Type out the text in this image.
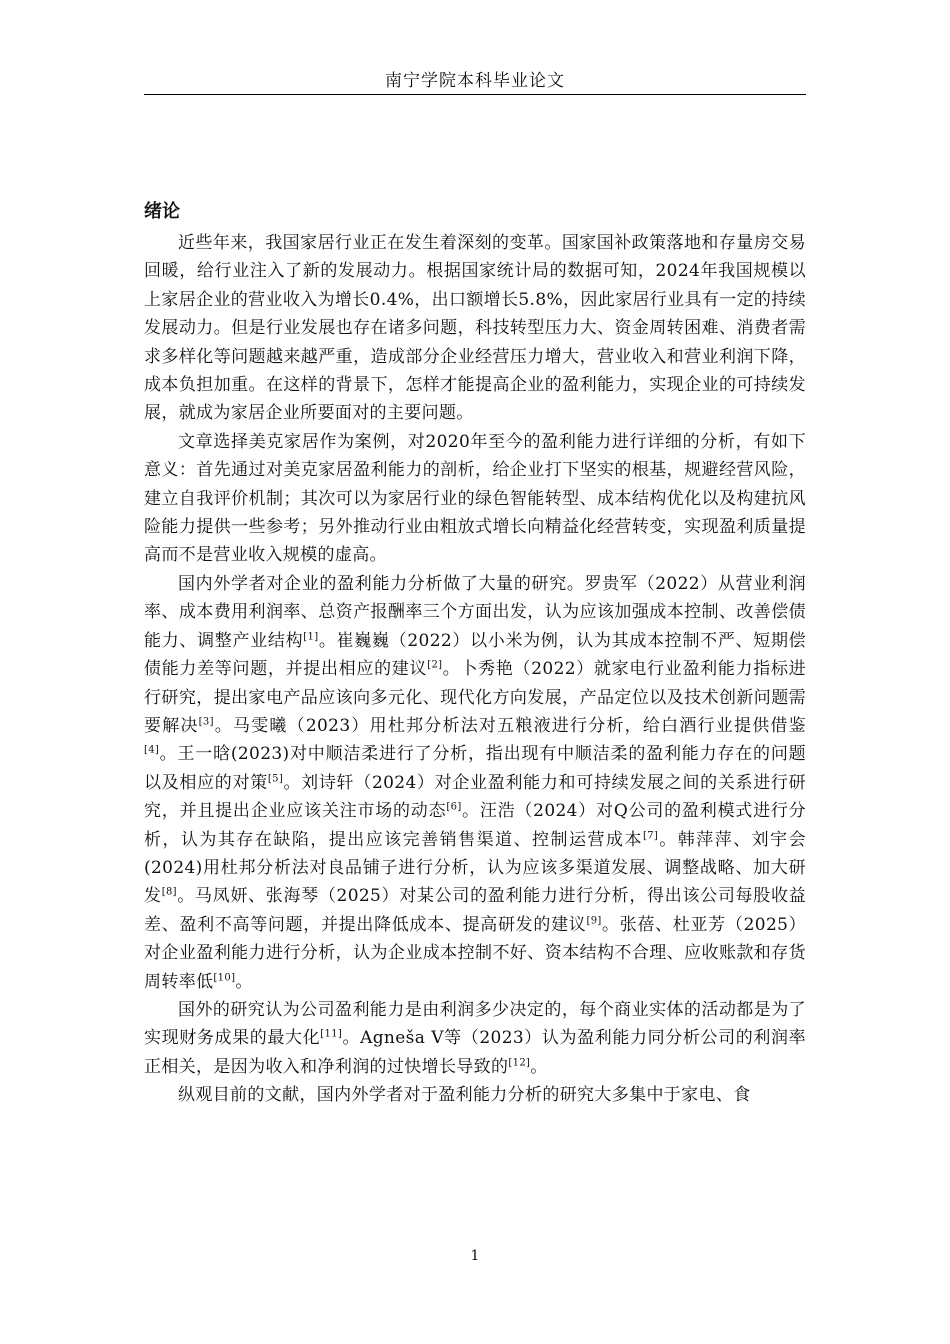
南宁学院本科毕业论文
绪论

近些年来，我国家居行业正在发生着深刻的变革。国家国补政策落地和存量房交易回暖，给行业注入了新的发展动力。根据国家统计局的数据可知，2024年我国规模以上家居企业的营业收入为增长0.4%，出口额增长5.8%，因此家居行业具有一定的持续发展动力。但是行业发展也存在诸多问题，科技转型压力大、资金周转困难、消费者需求多样化等问题越来越严重，造成部分企业经营压力增大，营业收入和营业利润下降，成本负担加重。在这样的背景下，怎样才能提高企业的盈利能力，实现企业的可持续发展，就成为家居企业所要面对的主要问题。

文章选择美克家居作为案例，对2020年至今的盈利能力进行详细的分析，有如下意义：首先通过对美克家居盈利能力的剖析，给企业打下坚实的根基，规避经营风险，建立自我评价机制；其次可以为家居行业的绿色智能转型、成本结构优化以及构建抗风险能力提供一些参考；另外推动行业由粗放式增长向精益化经营转变，实现盈利质量提高而不是营业收入规模的虚高。

国内外学者对企业的盈利能力分析做了大量的研究。罗贵军（2022）从营业利润率、成本费用利润率、总资产报酬率三个方面出发，认为应该加强成本控制、改善偿债能力、调整产业结构[1]。崔巍巍（2022）以小米为例，认为其成本控制不严、短期偿债能力差等问题，并提出相应的建议[2]。卜秀艳（2022）就家电行业盈利能力指标进行研究，提出家电产品应该向多元化、现代化方向发展，产品定位以及技术创新问题需要解决[3]。马雯曦（2023）用杜邦分析法对五粮液进行分析，给白酒行业提供借鉴[4]。王一晗(2023)对中顺洁柔进行了分析，指出现有中顺洁柔的盈利能力存在的问题以及相应的对策[5]。刘诗轩（2024）对企业盈利能力和可持续发展之间的关系进行研究，并且提出企业应该关注市场的动态[6]。汪浩（2024）对Q公司的盈利模式进行分析，认为其存在缺陷，提出应该完善销售渠道、控制运营成本[7]。韩萍萍、刘宇会(2024)用杜邦分析法对良品铺子进行分析，认为应该多渠道发展、调整战略、加大研发[8]。马凤妍、张海琴（2025）对某公司的盈利能力进行分析，得出该公司每股收益差、盈利不高等问题，并提出降低成本、提高研发的建议[9]。张蓓、杜亚芳（2025）对企业盈利能力进行分析，认为企业成本控制不好、资本结构不合理、应收账款和存货周转率低[10]。

国外的研究认为公司盈利能力是由利润多少决定的，每个商业实体的活动都是为了实现财务成果的最大化[11]。Agneša V等（2023）认为盈利能力同分析公司的利润率正相关，是因为收入和净利润的过快增长导致的[12]。

纵观目前的文献，国内外学者对于盈利能力分析的研究大多集中于家电、食

1
